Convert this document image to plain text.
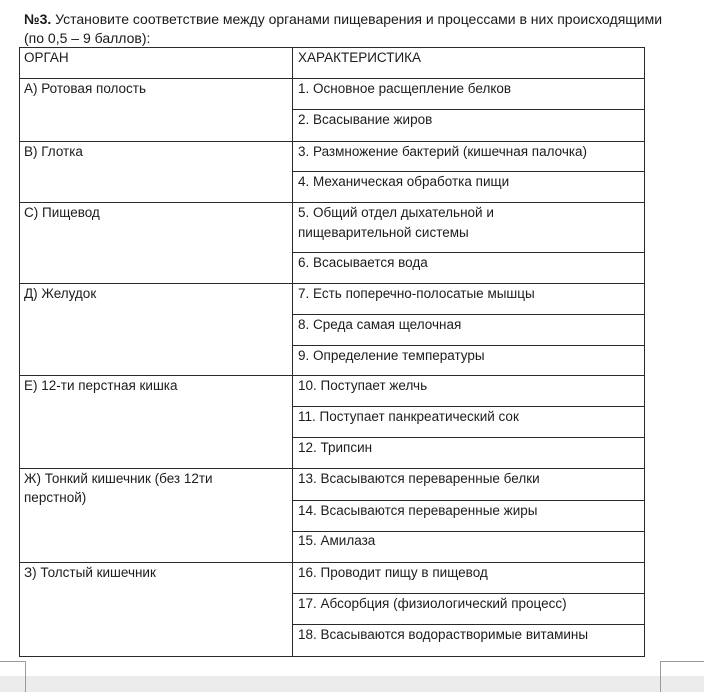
№3. Установите соответствие между органами пищеварения и процессами в них происходящими (по 0,5 – 9 баллов):
ОРГАН	ХАРАКТЕРИСТИКА
А) Ротовая полость
В) Глотка
С) Пищевод
Д) Желудок
Е) 12-ти перстная кишка
Ж) Тонкий кишечник (без 12ти перстной)
З) Толстый кишечник
1. Основное расщепление белков
2. Всасывание жиров
3. Размножение бактерий (кишечная палочка)
4. Механическая обработка пищи
5. Общий отдел дыхательной и пищеварительной системы
6. Всасывается вода
7. Есть поперечно-полосатые мышцы
8. Среда самая щелочная
9. Определение температуры
10. Поступает желчь
11. Поступает панкреатический сок
12. Трипсин
13. Всасываются переваренные белки
14. Всасываются переваренные жиры
15. Амилаза
16. Проводит пищу в пищевод
17. Абсорбция (физиологический процесс)
18. Всасываются водорастворимые витамины
